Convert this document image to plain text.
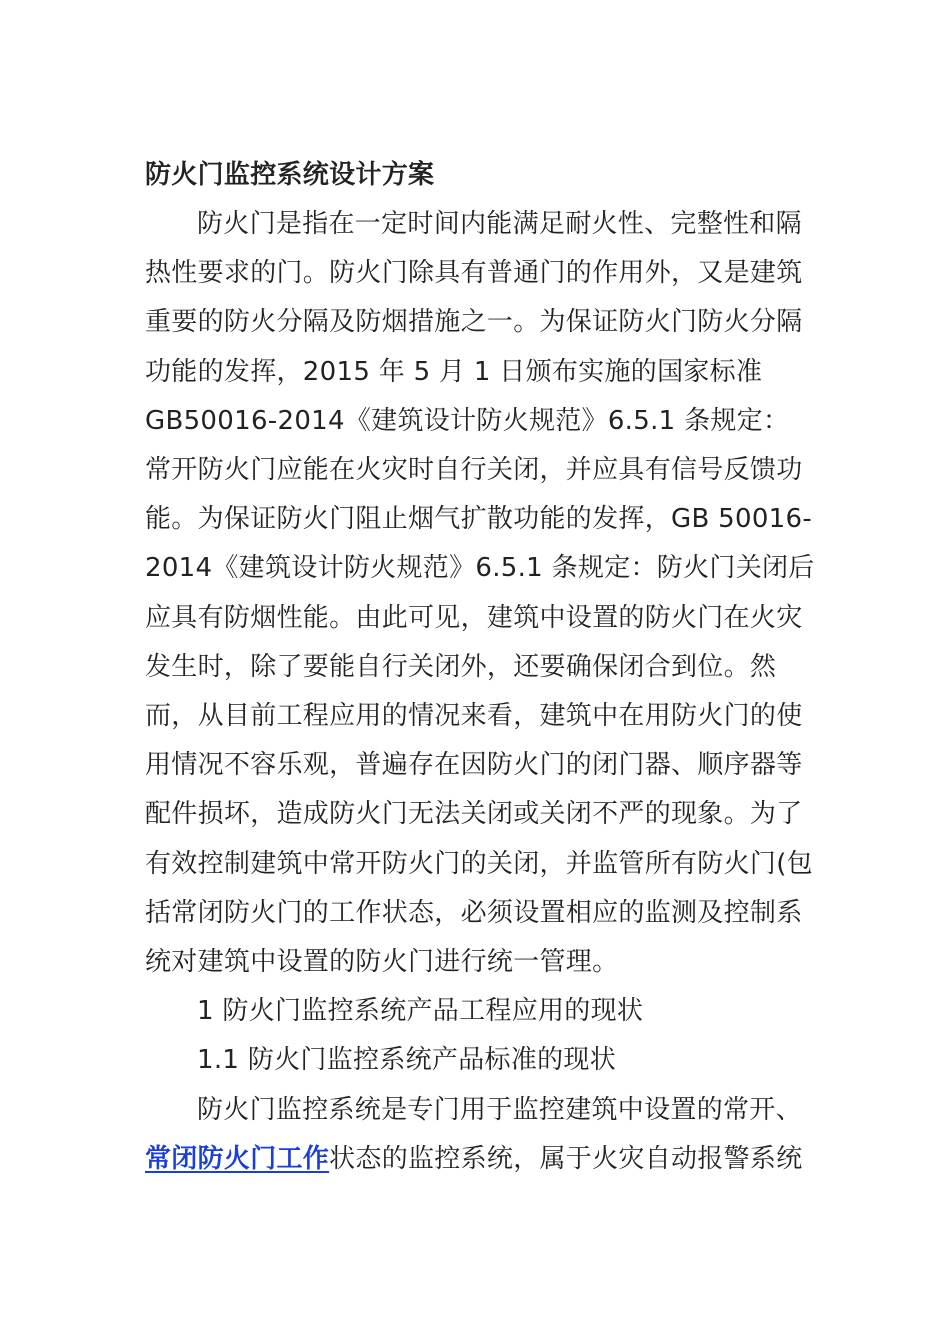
防火门监控系统设计方案

防火门是指在一定时间内能满足耐火性、完整性和隔热性要求的门。防火门除具有普通门的作用外，又是建筑重要的防火分隔及防烟措施之一。为保证防火门防火分隔功能的发挥，2015 年 5 月 1 日颁布实施的国家标准 GB50016-2014《建筑设计防火规范》6.5.1 条规定：常开防火门应能在火灾时自行关闭，并应具有信号反馈功能。为保证防火门阻止烟气扩散功能的发挥，GB 50016-2014《建筑设计防火规范》6.5.1 条规定：防火门关闭后应具有防烟性能。由此可见，建筑中设置的防火门在火灾发生时，除了要能自行关闭外，还要确保闭合到位。然而，从目前工程应用的情况来看，建筑中在用防火门的使用情况不容乐观，普遍存在因防火门的闭门器、顺序器等配件损坏，造成防火门无法关闭或关闭不严的现象。为了有效控制建筑中常开防火门的关闭，并监管所有防火门(包括常闭防火门的工作状态，必须设置相应的监测及控制系统对建筑中设置的防火门进行统一管理。

1 防火门监控系统产品工程应用的现状

1.1 防火门监控系统产品标准的现状

防火门监控系统是专门用于监控建筑中设置的常开、常闭防火门工作状态的监控系统，属于火灾自动报警系统
